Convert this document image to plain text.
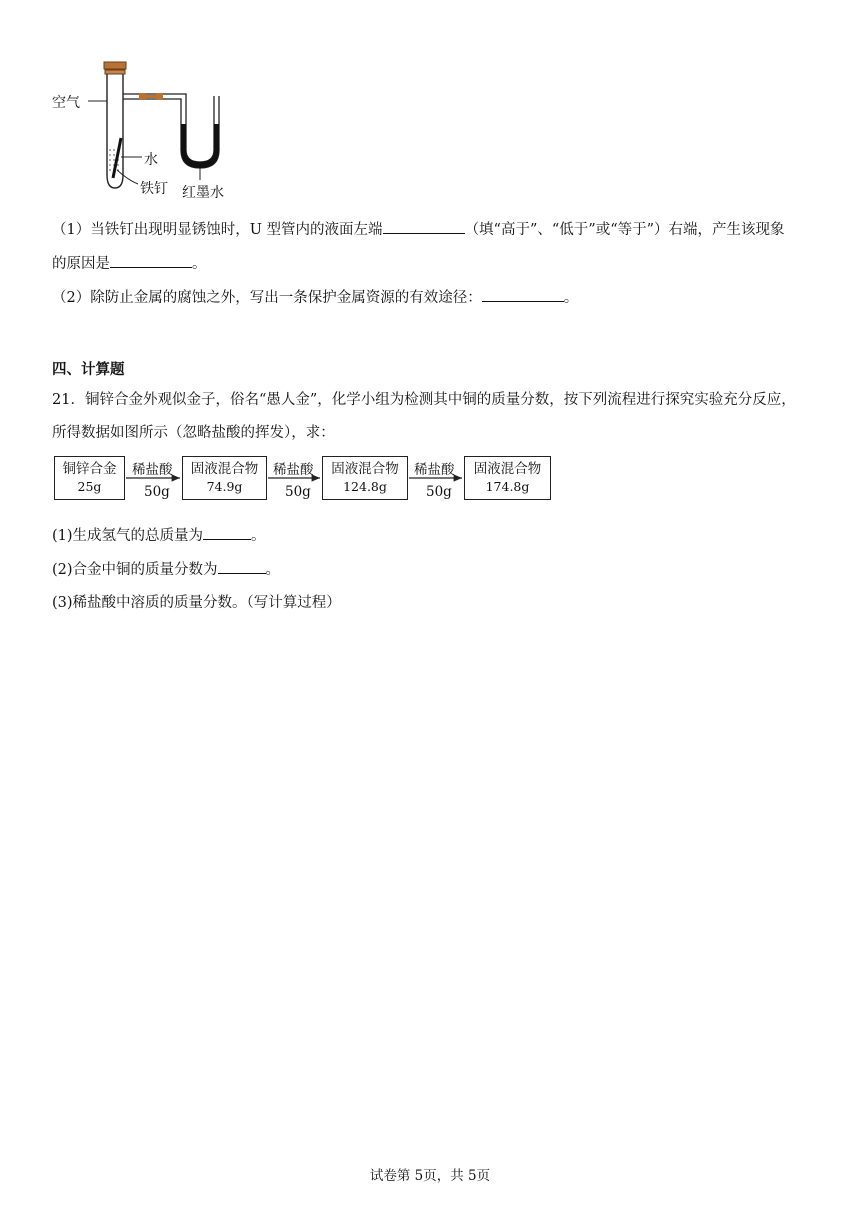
空气
水
铁钉 红墨水
（1）当铁钉出现明显锈蚀时，U 型管内的液面左端	（填“高于”、“低于”或“等于”）右端，产生该现象
的原因是	。
（2）除防止金属的腐蚀之外，写出一条保护金属资源的有效途径：	。
四、计算题
21．铜锌合金外观似金子，俗名“愚人金”，化学小组为检测其中铜的质量分数，按下列流程进行探究实验充分反应，
所得数据如图所示（忽略盐酸的挥发），求：
铜锌合金
25g
固液混合物
74.9g
固液混合物
124.8g
固液混合物
174.8g
稀盐酸
50g
稀盐酸
50g
稀盐酸
50g
(1)生成氢气的总质量为	。
(2)合金中铜的质量分数为	。
(3)稀盐酸中溶质的质量分数。（写计算过程）
试卷第 5页，共 5页
